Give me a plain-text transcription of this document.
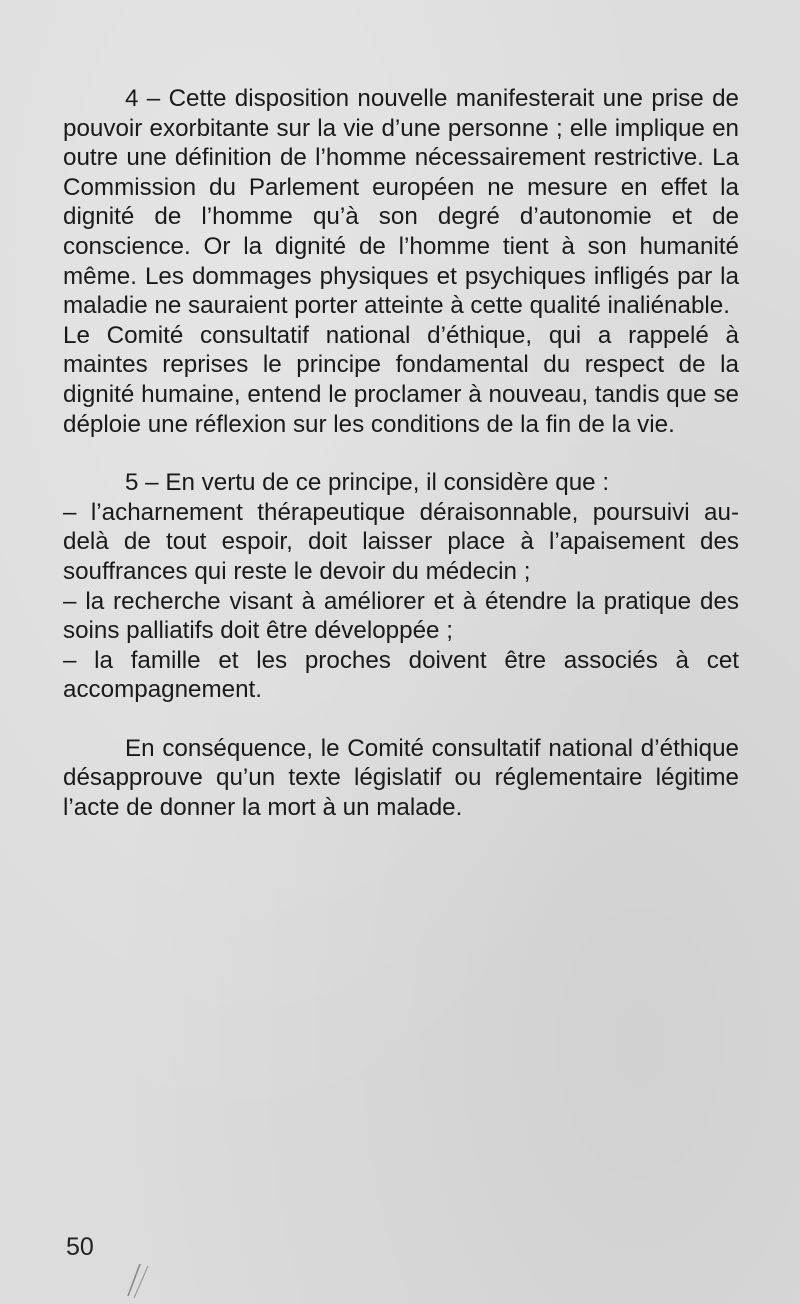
4 – Cette disposition nouvelle manifesterait une prise de pouvoir exorbitante sur la vie d’une personne ; elle implique en outre une définition de l’homme nécessairement restrictive. La Commission du Parlement européen ne mesure en effet la dignité de l’homme qu’à son degré d’autonomie et de conscience. Or la dignité de l’homme tient à son humanité même. Les dommages physiques et psychiques infligés par la maladie ne sauraient porter atteinte à cette qualité inaliénable.

Le Comité consultatif national d’éthique, qui a rappelé à maintes reprises le principe fondamental du respect de la dignité humaine, entend le proclamer à nouveau, tandis que se déploie une réflexion sur les conditions de la fin de la vie.

5 – En vertu de ce principe, il considère que :

– l’acharnement thérapeutique déraisonnable, poursuivi au-delà de tout espoir, doit laisser place à l’apaisement des souffrances qui reste le devoir du médecin ;

– la recherche visant à améliorer et à étendre la pratique des soins palliatifs doit être développée ;

– la famille et les proches doivent être associés à cet accompagnement.

En conséquence, le Comité consultatif national d’éthique désapprouve qu’un texte législatif ou réglementaire légitime l’acte de donner la mort à un malade.

50
